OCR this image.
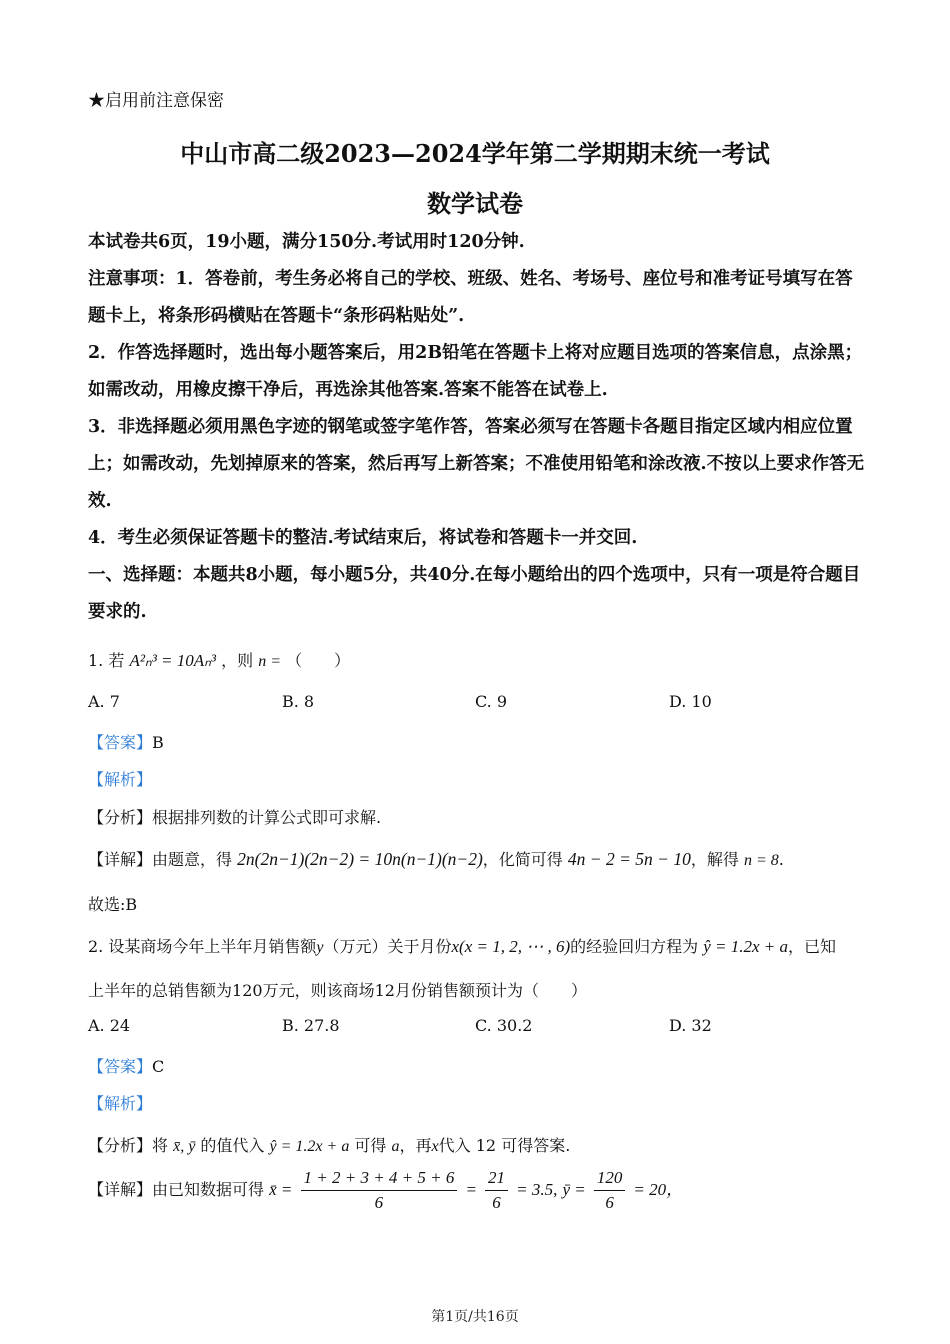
★启用前注意保密
中山市高二级2023—2024学年第二学期期末统一考试
数学试卷
本试卷共6页，19小题，满分150分.考试用时120分钟.
注意事项：1．答卷前，考生务必将自己的学校、班级、姓名、考场号、座位号和准考证号填写在答题卡上，将条形码横贴在答题卡“条形码粘贴处”.
2．作答选择题时，选出每小题答案后，用2B铅笔在答题卡上将对应题目选项的答案信息，点涂黑；如需改动，用橡皮擦干净后，再选涂其他答案.答案不能答在试卷上.
3．非选择题必须用黑色字迹的钢笔或签字笔作答，答案必须写在答题卡各题目指定区域内相应位置上；如需改动，先划掉原来的答案，然后再写上新答案；不准使用铅笔和涂改液.不按以上要求作答无效.
4．考生必须保证答题卡的整洁.考试结束后，将试卷和答题卡一并交回.
一、选择题：本题共8小题，每小题5分，共40分.在每小题给出的四个选项中，只有一项是符合题目要求的.
1. 若 A²ₙ³ = 10Aₙ³ ，则 n = （　　）
A. 7	B. 8	C. 9	D. 10
【答案】B
【解析】
【分析】根据排列数的计算公式即可求解.
【详解】由题意，得 2n(2n−1)(2n−2) = 10n(n−1)(n−2)，化简可得 4n − 2 = 5n − 10，解得 n = 8.
故选:B
2. 设某商场今年上半年月销售额y（万元）关于月份x(x = 1, 2, ⋯ , 6)的经验回归方程为 ŷ = 1.2x + a，已知
上半年的总销售额为120万元，则该商场12月份销售额预计为（　　）
A. 24	B. 27.8	C. 30.2	D. 32
【答案】C
【解析】
【分析】将 x̄, ȳ 的值代入 ŷ = 1.2x + a 可得 a，再x代入 12 可得答案.
【详解】由已知数据可得 x̄ = $\frac{1 + 2 + 3 + 4 + 5 + 6}{6} = \frac{21}{6} = 3.5$, ȳ = $\frac{120}{6} = 20$，
第1页/共16页
